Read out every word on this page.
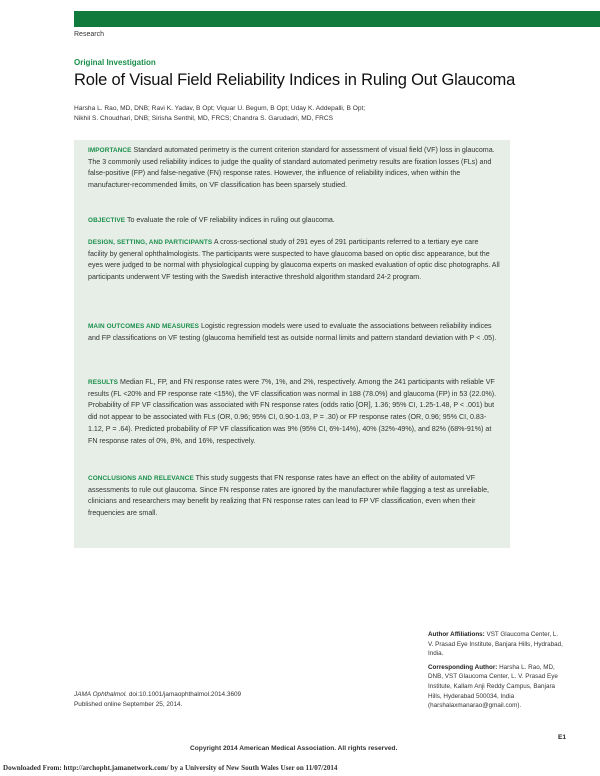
Research
Original Investigation
Role of Visual Field Reliability Indices in Ruling Out Glaucoma
Harsha L. Rao, MD, DNB; Ravi K. Yadav, B Opt; Viquar U. Begum, B Opt; Uday K. Addepalli, B Opt;
Nikhil S. Choudhari, DNB; Sirisha Senthil, MD, FRCS; Chandra S. Garudadri, MD, FRCS

IMPORTANCE Standard automated perimetry is the current criterion standard for assessment of visual field (VF) loss in glaucoma. The 3 commonly used reliability indices to judge the quality of standard automated perimetry results are fixation losses (FLs) and false-positive (FP) and false-negative (FN) response rates. However, the influence of reliability indices, when within the manufacturer-recommended limits, on VF classification has been sparsely studied.

OBJECTIVE To evaluate the role of VF reliability indices in ruling out glaucoma.

DESIGN, SETTING, AND PARTICIPANTS A cross-sectional study of 291 eyes of 291 participants referred to a tertiary eye care facility by general ophthalmologists. The participants were suspected to have glaucoma based on optic disc appearance, but the eyes were judged to be normal with physiological cupping by glaucoma experts on masked evaluation of optic disc photographs. All participants underwent VF testing with the Swedish interactive threshold algorithm standard 24-2 program.

MAIN OUTCOMES AND MEASURES Logistic regression models were used to evaluate the associations between reliability indices and FP classifications on VF testing (glaucoma hemifield test as outside normal limits and pattern standard deviation with P < .05).

RESULTS Median FL, FP, and FN response rates were 7%, 1%, and 2%, respectively. Among the 241 participants with reliable VF results (FL <20% and FP response rate <15%), the VF classification was normal in 188 (78.0%) and glaucoma (FP) in 53 (22.0%). Probability of FP VF classification was associated with FN response rates (odds ratio [OR], 1.36; 95% CI, 1.25-1.48, P < .001) but did not appear to be associated with FLs (OR, 0.96; 95% CI, 0.90-1.03, P = .30) or FP response rates (OR, 0.96; 95% CI, 0.83-1.12, P = .64). Predicted probability of FP VF classification was 9% (95% CI, 6%-14%), 40% (32%-49%), and 82% (68%-91%) at FN response rates of 0%, 8%, and 16%, respectively.

CONCLUSIONS AND RELEVANCE This study suggests that FN response rates have an effect on the ability of automated VF assessments to rule out glaucoma. Since FN response rates are ignored by the manufacturer while flagging a test as unreliable, clinicians and researchers may benefit by realizing that FN response rates can lead to FP VF classification, even when their frequencies are small.

JAMA Ophthalmol. doi:10.1001/jamaophthalmol.2014.3609
Published online September 25, 2014.
Author Affiliations: VST Glaucoma Center, L. V. Prasad Eye Institute, Banjara Hills, Hydrabad, India.
Corresponding Author: Harsha L. Rao, MD, DNB, VST Glaucoma Center, L. V. Prasad Eye Institute, Kallam Anji Reddy Campus, Banjara Hills, Hyderabad 500034, India (harshalaxmanarao@gmail.com).
E1
Copyright 2014 American Medical Association. All rights reserved.
Downloaded From: http://archopht.jamanetwork.com/ by a University of New South Wales User on 11/07/2014
